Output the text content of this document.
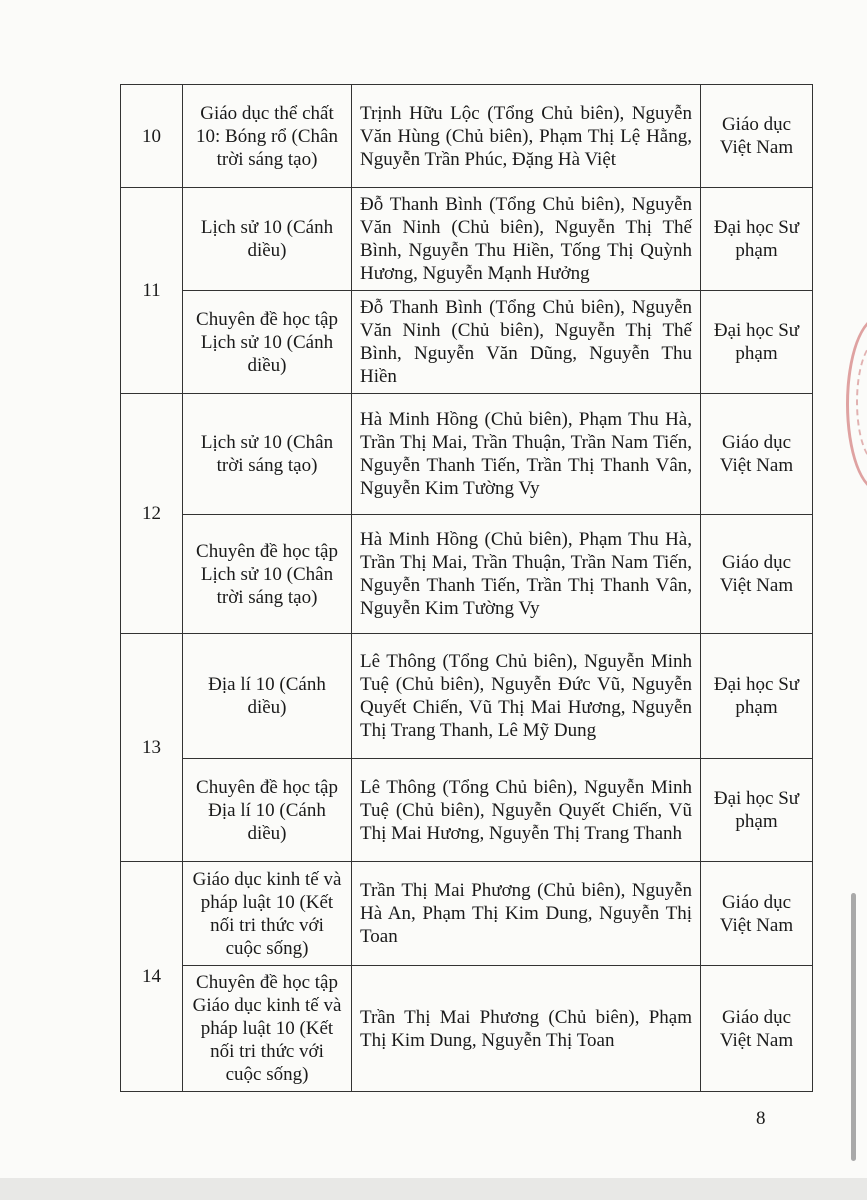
10	Giáo dục thể chất 10: Bóng rổ (Chân trời sáng tạo)	Trịnh Hữu Lộc (Tổng Chủ biên), Nguyễn Văn Hùng (Chủ biên), Phạm Thị Lệ Hằng, Nguyễn Trần Phúc, Đặng Hà Việt	Giáo dục Việt Nam
11	Lịch sử 10 (Cánh diều)	Đỗ Thanh Bình (Tổng Chủ biên), Nguyễn Văn Ninh (Chủ biên), Nguyễn Thị Thế Bình, Nguyễn Thu Hiền, Tống Thị Quỳnh Hương, Nguyễn Mạnh Hưởng	Đại học Sư phạm
	Chuyên đề học tập Lịch sử 10 (Cánh diều)	Đỗ Thanh Bình (Tổng Chủ biên), Nguyễn Văn Ninh (Chủ biên), Nguyễn Thị Thế Bình, Nguyễn Văn Dũng, Nguyễn Thu Hiền	Đại học Sư phạm
12	Lịch sử 10 (Chân trời sáng tạo)	Hà Minh Hồng (Chủ biên), Phạm Thu Hà, Trần Thị Mai, Trần Thuận, Trần Nam Tiến, Nguyễn Thanh Tiến, Trần Thị Thanh Vân, Nguyễn Kim Tường Vy	Giáo dục Việt Nam
	Chuyên đề học tập Lịch sử 10 (Chân trời sáng tạo)	Hà Minh Hồng (Chủ biên), Phạm Thu Hà, Trần Thị Mai, Trần Thuận, Trần Nam Tiến, Nguyễn Thanh Tiến, Trần Thị Thanh Vân, Nguyễn Kim Tường Vy	Giáo dục Việt Nam
13	Địa lí 10 (Cánh diều)	Lê Thông (Tổng Chủ biên), Nguyễn Minh Tuệ (Chủ biên), Nguyễn Đức Vũ, Nguyễn Quyết Chiến, Vũ Thị Mai Hương, Nguyễn Thị Trang Thanh, Lê Mỹ Dung	Đại học Sư phạm
	Chuyên đề học tập Địa lí 10 (Cánh diều)	Lê Thông (Tổng Chủ biên), Nguyễn Minh Tuệ (Chủ biên), Nguyễn Quyết Chiến, Vũ Thị Mai Hương, Nguyễn Thị Trang Thanh	Đại học Sư phạm
14	Giáo dục kinh tế và pháp luật 10 (Kết nối tri thức với cuộc sống)	Trần Thị Mai Phương (Chủ biên), Nguyễn Hà An, Phạm Thị Kim Dung, Nguyễn Thị Toan	Giáo dục Việt Nam
	Chuyên đề học tập Giáo dục kinh tế và pháp luật 10 (Kết nối tri thức với cuộc sống)	Trần Thị Mai Phương (Chủ biên), Phạm Thị Kim Dung, Nguyễn Thị Toan	Giáo dục Việt Nam
8
